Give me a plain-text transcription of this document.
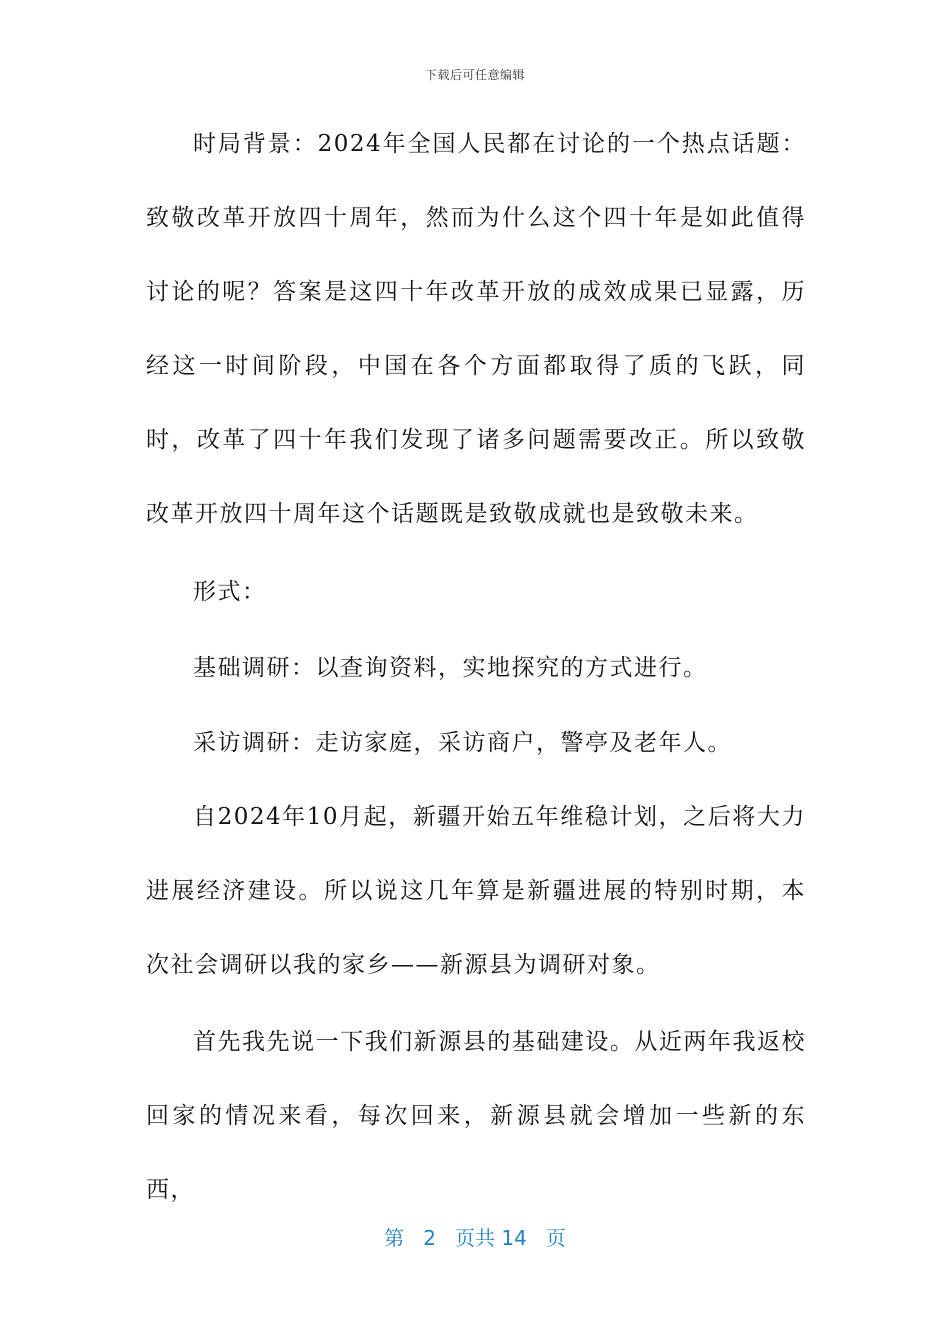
下载后可任意编辑

时局背景：2024年全国人民都在讨论的一个热点话题：致敬改革开放四十周年，然而为什么这个四十年是如此值得讨论的呢？答案是这四十年改革开放的成效成果已显露，历经这一时间阶段，中国在各个方面都取得了质的飞跃，同时，改革了四十年我们发现了诸多问题需要改正。所以致敬改革开放四十周年这个话题既是致敬成就也是致敬未来。

形式：

基础调研：以查询资料，实地探究的方式进行。

采访调研：走访家庭，采访商户，警亭及老年人。

自2024年10月起，新疆开始五年维稳计划，之后将大力进展经济建设。所以说这几年算是新疆进展的特别时期，本次社会调研以我的家乡——新源县为调研对象。

首先我先说一下我们新源县的基础建设。从近两年我返校回家的情况来看，每次回来，新源县就会增加一些新的东西，

第 2 页共 14 页
